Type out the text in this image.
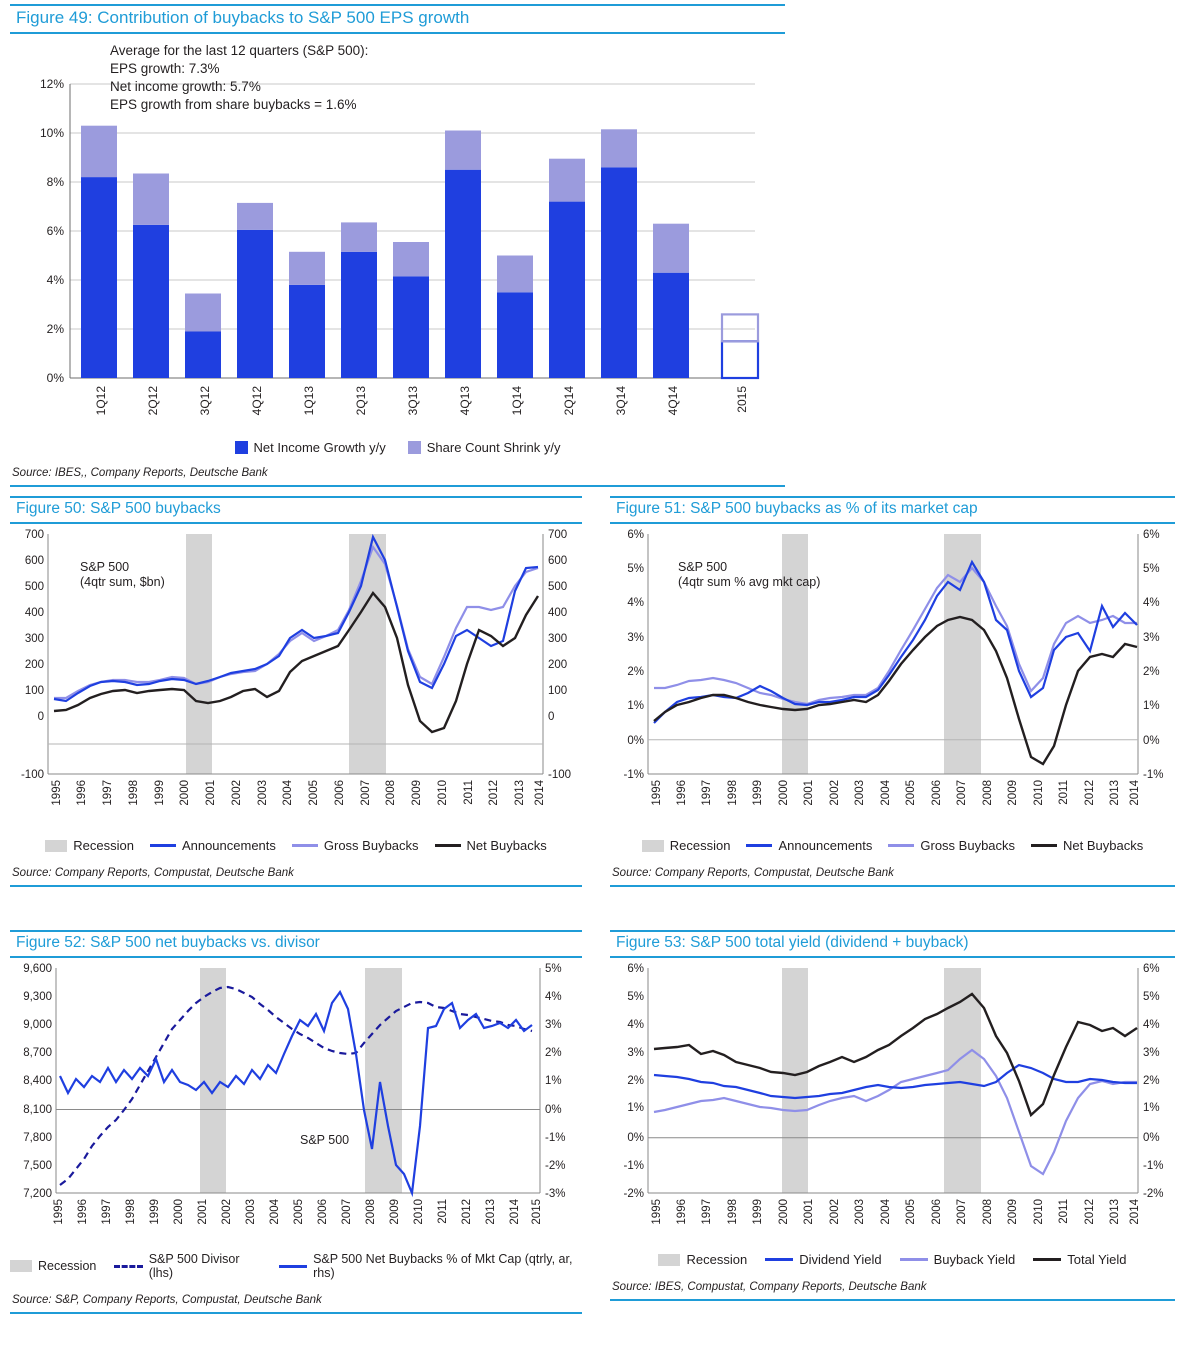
Figure 49: Contribution of buybacks to S&P 500 EPS growth
0%
2%
4%
6%
8%
10%
12%
1Q12	2Q12	3Q12	4Q12	1Q13	2Q13	3Q13	4Q13	1Q14	2Q14	3Q14	4Q14	2015
Average for the last 12 quarters (S&P 500):
EPS growth: 7.3%
Net income growth: 5.7%
EPS growth from share buybacks = 1.6%
Net Income Growth y/y	Share Count Shrink y/y
Source: IBES,, Company Reports, Deutsche Bank
Figure 50: S&P 500 buybacks
700
600
500
400
300
200
100
0
-100
700
600
500
400
300
200
100
0
-100
1995 1996 1997 1998 1999 2000 2001 2002 2003 2004 2005 2006 2007 2008 2009 2010 2011 2012 2013 2014
S&P 500
(4qtr sum, $bn)
Recession	Announcements	Gross Buybacks	Net Buybacks
Source: Company Reports, Compustat, Deutsche Bank
Figure 51: S&P 500 buybacks as % of its market cap
6%
5%
4%
3%
2%
1%
0%
-1%
6%
5%
4%
3%
2%
1%
0%
-1%
1995 1996 1997 1998 1999 2000 2001 2002 2003 2004 2005 2006 2007 2008 2009 2010 2011 2012 2013 2014
S&P 500
(4qtr sum % avg mkt cap)
Recession	Announcements	Gross Buybacks	Net Buybacks
Source: Company Reports, Compustat, Deutsche Bank
Figure 52: S&P 500 net buybacks vs. divisor
9,600
9,300
9,000
8,700
8,400
8,100
7,800
7,500
7,200
5%
4%
3%
2%
1%
0%
-1%
-2%
-3%
S&P 500
1995 1996 1997 1998 1999 2000 2001 2002 2003 2004 2005 2006 2007 2008 2009 2010 2011 2012 2013 2014 2015
Recession	S&P 500 Divisor (lhs)
S&P 500 Net Buybacks % of Mkt Cap (qtrly, ar, rhs)
Source: S&P, Company Reports, Compustat, Deutsche Bank
Figure 53: S&P 500 total yield (dividend + buyback)
6%
5%
4%
3%
2%
1%
0%
-1%
-2%
6%
5%
4%
3%
2%
1%
0%
-1%
-2%
1995 1996 1997 1998 1999 2000 2001 2002 2003 2004 2005 2006 2007 2008 2009 2010 2011 2012 2013 2014
Recession	Dividend Yield	Buyback Yield	Total Yield
Source: IBES, Compustat, Company Reports, Deutsche Bank
